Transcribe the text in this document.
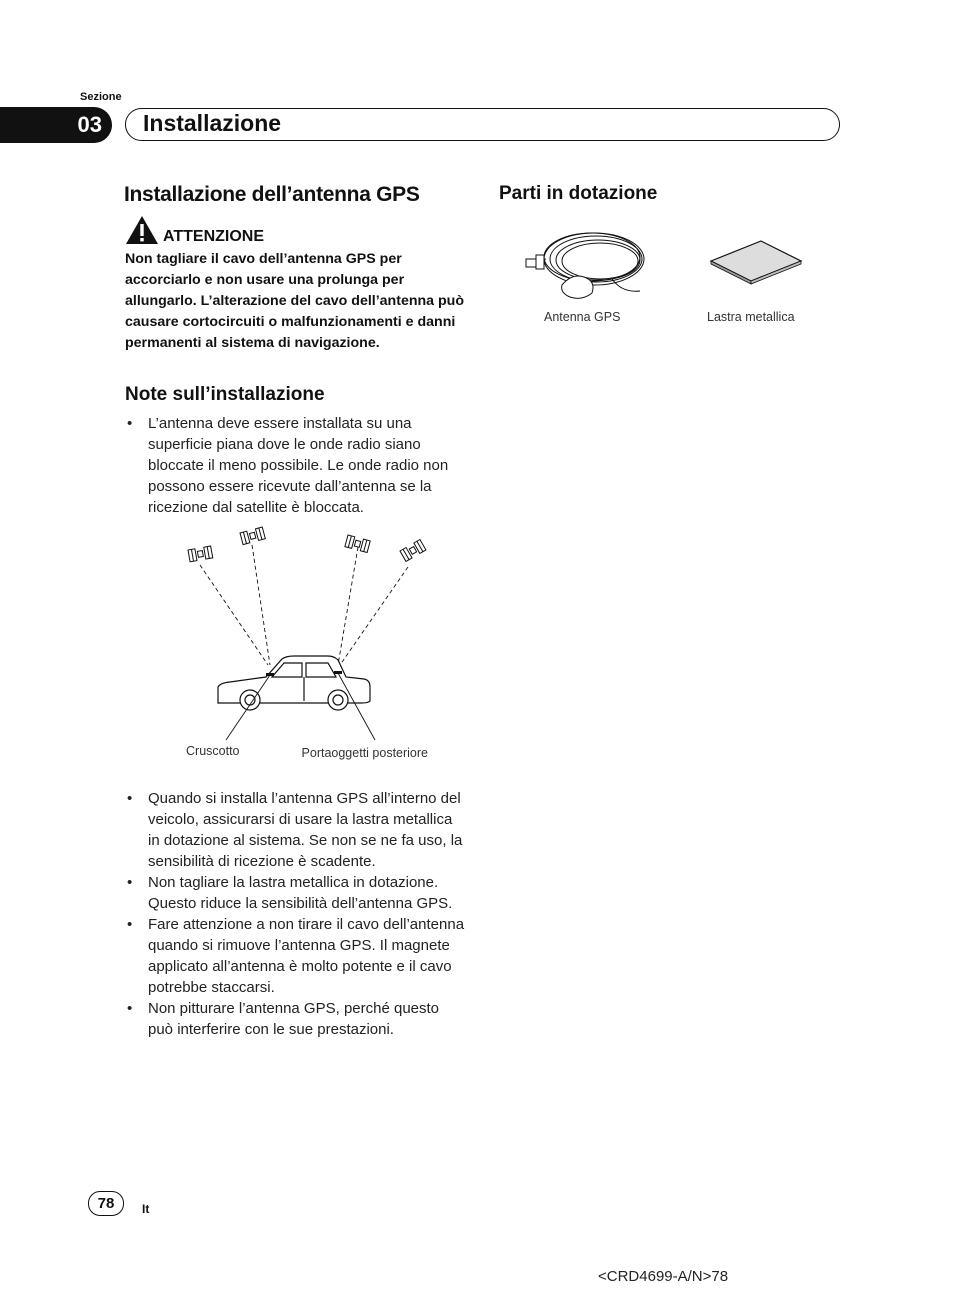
Sezione
03 Installazione
Installazione dell’antenna GPS
ATTENZIONE
Non tagliare il cavo dell’antenna GPS per accorciarlo e non usare una prolunga per allungarlo. L’alterazione del cavo dell’antenna può causare cortocircuiti o malfunzionamenti e danni permanenti al sistema di navigazione.
Note sull’installazione
• L’antenna deve essere installata su una superficie piana dove le onde radio siano bloccate il meno possibile. Le onde radio non possono essere ricevute dall’antenna se la ricezione dal satellite è bloccata.
Cruscotto	Portaoggetti posteriore
• Quando si installa l’antenna GPS all’interno del veicolo, assicurarsi di usare la lastra metallica in dotazione al sistema. Se non se ne fa uso, la sensibilità di ricezione è scadente.
• Non tagliare la lastra metallica in dotazione. Questo riduce la sensibilità dell’antenna GPS.
• Fare attenzione a non tirare il cavo dell’antenna quando si rimuove l’antenna GPS. Il magnete applicato all’antenna è molto potente e il cavo potrebbe staccarsi.
• Non pitturare l’antenna GPS, perché questo può interferire con le sue prestazioni.
Parti in dotazione
Antenna GPS	Lastra metallica
78 It
<CRD4699-A/N>78
